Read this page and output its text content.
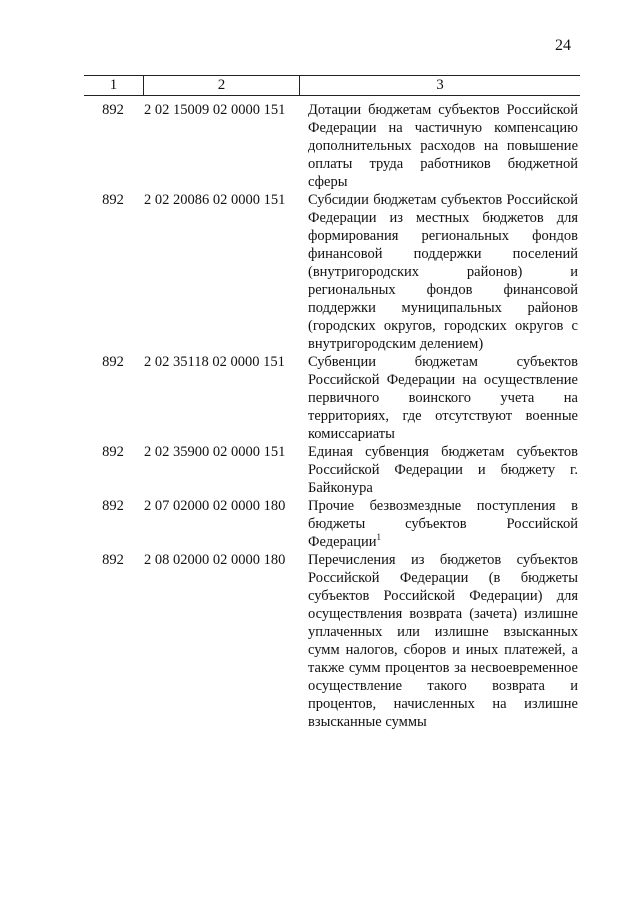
24
1	2	3
892	2 02 15009 02 0000 151	Дотации бюджетам субъектов Российской Федерации на частичную компенсацию дополнительных расходов на повышение оплаты труда работников бюджетной сферы
892	2 02 20086 02 0000 151	Субсидии бюджетам субъектов Российской Федерации из местных бюджетов для формирования региональных фондов финансовой поддержки поселений (внутригородских районов) и региональных фондов финансовой поддержки муниципальных районов (городских округов, городских округов с внутригородским делением)
892	2 02 35118 02 0000 151	Субвенции бюджетам субъектов Российской Федерации на осуществление первичного воинского учета на территориях, где отсутствуют военные комиссариаты
892	2 02 35900 02 0000 151	Единая субвенция бюджетам субъектов Российской Федерации и бюджету г. Байконура
892	2 07 02000 02 0000 180	Прочие безвозмездные поступления в бюджеты субъектов Российской Федерации$^1$
892	2 08 02000 02 0000 180	Перечисления из бюджетов субъектов Российской Федерации (в бюджеты субъектов Российской Федерации) для осуществления возврата (зачета) излишне уплаченных или излишне взысканных сумм налогов, сборов и иных платежей, а также сумм процентов за несвоевременное осуществление такого возврата и процентов, начисленных на излишне взысканные суммы
